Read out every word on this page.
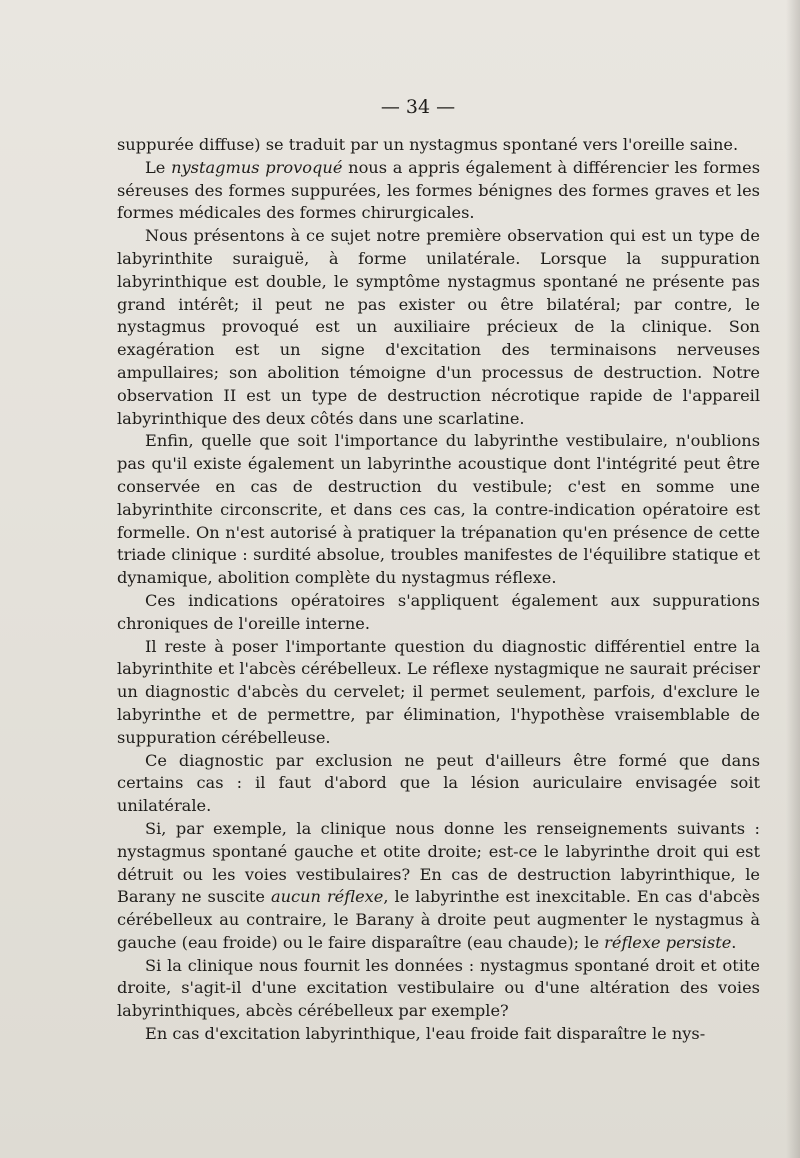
— 34 —

suppurée diffuse) se traduit par un nystagmus spontané vers l'oreille saine.

Le nystagmus provoqué nous a appris également à différencier les formes séreuses des formes suppurées, les formes bénignes des formes graves et les formes médicales des formes chirurgicales.

Nous présentons à ce sujet notre première observation qui est un type de labyrinthite suraiguë, à forme unilatérale. Lorsque la suppuration labyrinthique est double, le symptôme nystagmus spontané ne présente pas grand intérêt; il peut ne pas exister ou être bilatéral; par contre, le nystagmus provoqué est un auxiliaire précieux de la clinique. Son exagération est un signe d'excitation des terminaisons nerveuses ampullaires; son abolition témoigne d'un processus de destruction. Notre observation II est un type de destruction nécrotique rapide de l'appareil labyrinthique des deux côtés dans une scarlatine.

Enfin, quelle que soit l'importance du labyrinthe vestibulaire, n'oublions pas qu'il existe également un labyrinthe acoustique dont l'intégrité peut être conservée en cas de destruction du vestibule; c'est en somme une labyrinthite circonscrite, et dans ces cas, la contre-indication opératoire est formelle. On n'est autorisé à pratiquer la trépanation qu'en présence de cette triade clinique : surdité absolue, troubles manifestes de l'équilibre statique et dynamique, abolition complète du nystagmus réflexe.

Ces indications opératoires s'appliquent également aux suppurations chroniques de l'oreille interne.

Il reste à poser l'importante question du diagnostic différentiel entre la labyrinthite et l'abcès cérébelleux. Le réflexe nystagmique ne saurait préciser un diagnostic d'abcès du cervelet; il permet seulement, parfois, d'exclure le labyrinthe et de permettre, par élimination, l'hypothèse vraisemblable de suppuration cérébelleuse.

Ce diagnostic par exclusion ne peut d'ailleurs être formé que dans certains cas : il faut d'abord que la lésion auriculaire envisagée soit unilatérale.

Si, par exemple, la clinique nous donne les renseignements suivants : nystagmus spontané gauche et otite droite; est-ce le labyrinthe droit qui est détruit ou les voies vestibulaires? En cas de destruction labyrinthique, le Barany ne suscite aucun réflexe, le labyrinthe est inexcitable. En cas d'abcès cérébelleux au contraire, le Barany à droite peut augmenter le nystagmus à gauche (eau froide) ou le faire disparaître (eau chaude); le réflexe persiste.

Si la clinique nous fournit les données : nystagmus spontané droit et otite droite, s'agit-il d'une excitation vestibulaire ou d'une altération des voies labyrinthiques, abcès cérébelleux par exemple?

En cas d'excitation labyrinthique, l'eau froide fait disparaître le nys-
